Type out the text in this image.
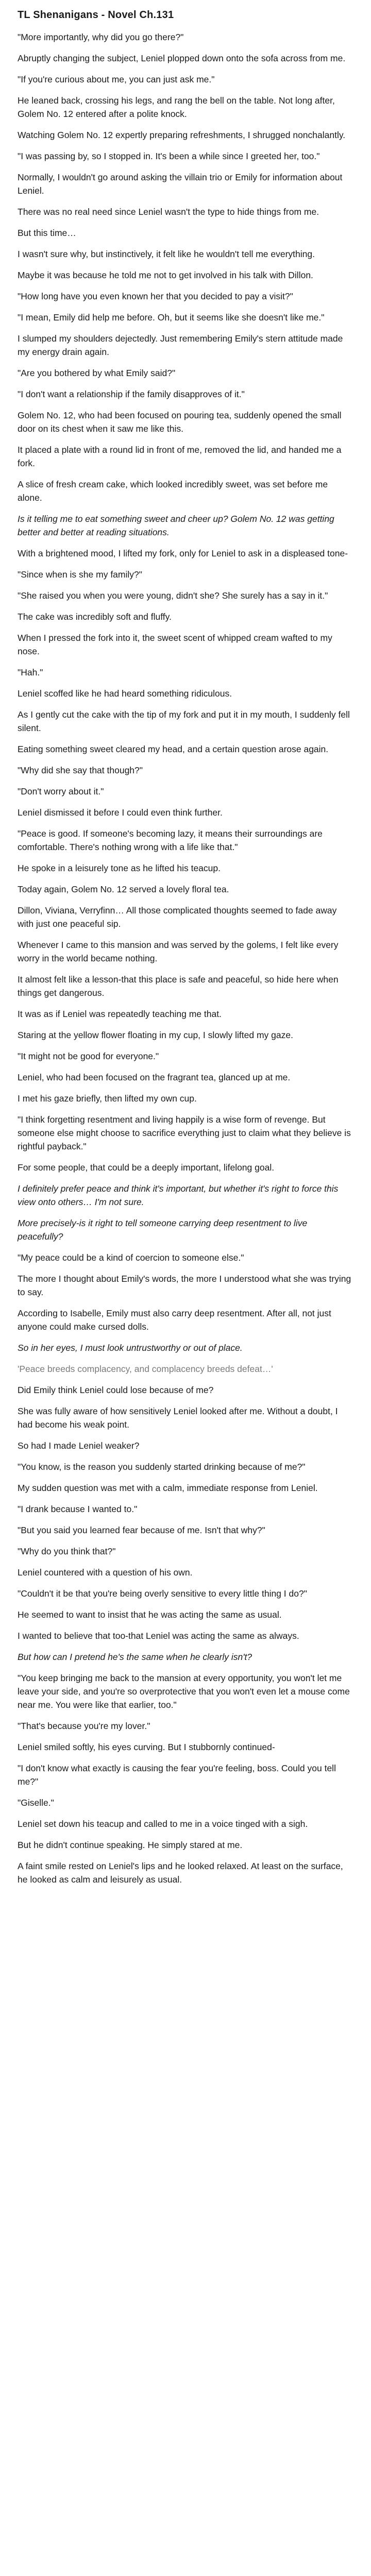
TL Shenanigans - Novel Ch.131

"More importantly, why did you go there?"

Abruptly changing the subject, Leniel plopped down onto the sofa across from me.

"If you're curious about me, you can just ask me."

He leaned back, crossing his legs, and rang the bell on the table. Not long after, Golem No. 12 entered after a polite knock.

Watching Golem No. 12 expertly preparing refreshments, I shrugged nonchalantly.

"I was passing by, so I stopped in. It's been a while since I greeted her, too."

Normally, I wouldn't go around asking the villain trio or Emily for information about Leniel.

There was no real need since Leniel wasn't the type to hide things from me.

But this time…

I wasn't sure why, but instinctively, it felt like he wouldn't tell me everything.

Maybe it was because he told me not to get involved in his talk with Dillon.

"How long have you even known her that you decided to pay a visit?"

"I mean, Emily did help me before. Oh, but it seems like she doesn't like me."

I slumped my shoulders dejectedly. Just remembering Emily's stern attitude made my energy drain again.

"Are you bothered by what Emily said?"

"I don't want a relationship if the family disapproves of it."

Golem No. 12, who had been focused on pouring tea, suddenly opened the small door on its chest when it saw me like this.

It placed a plate with a round lid in front of me, removed the lid, and handed me a fork.

A slice of fresh cream cake, which looked incredibly sweet, was set before me alone.

Is it telling me to eat something sweet and cheer up? Golem No. 12 was getting better and better at reading situations.

With a brightened mood, I lifted my fork, only for Leniel to ask in a displeased tone-

"Since when is she my family?"

"She raised you when you were young, didn't she? She surely has a say in it."

The cake was incredibly soft and fluffy.

When I pressed the fork into it, the sweet scent of whipped cream wafted to my nose.

"Hah."

Leniel scoffed like he had heard something ridiculous.

As I gently cut the cake with the tip of my fork and put it in my mouth, I suddenly fell silent.

Eating something sweet cleared my head, and a certain question arose again.

"Why did she say that though?"

"Don't worry about it."

Leniel dismissed it before I could even think further.

"Peace is good. If someone's becoming lazy, it means their surroundings are comfortable. There's nothing wrong with a life like that."

He spoke in a leisurely tone as he lifted his teacup.

Today again, Golem No. 12 served a lovely floral tea.

Dillon, Viviana, Verryfinn… All those complicated thoughts seemed to fade away with just one peaceful sip.

Whenever I came to this mansion and was served by the golems, I felt like every worry in the world became nothing.

It almost felt like a lesson-that this place is safe and peaceful, so hide here when things get dangerous.

It was as if Leniel was repeatedly teaching me that.

Staring at the yellow flower floating in my cup, I slowly lifted my gaze.

"It might not be good for everyone."

Leniel, who had been focused on the fragrant tea, glanced up at me.

I met his gaze briefly, then lifted my own cup.

"I think forgetting resentment and living happily is a wise form of revenge. But someone else might choose to sacrifice everything just to claim what they believe is rightful payback."

For some people, that could be a deeply important, lifelong goal.

I definitely prefer peace and think it's important, but whether it's right to force this view onto others… I'm not sure.

More precisely-is it right to tell someone carrying deep resentment to live peacefully?

"My peace could be a kind of coercion to someone else."

The more I thought about Emily's words, the more I understood what she was trying to say.

According to Isabelle, Emily must also carry deep resentment. After all, not just anyone could make cursed dolls.

So in her eyes, I must look untrustworthy or out of place.

'Peace breeds complacency, and complacency breeds defeat…'

Did Emily think Leniel could lose because of me?

She was fully aware of how sensitively Leniel looked after me. Without a doubt, I had become his weak point.

So had I made Leniel weaker?

"You know, is the reason you suddenly started drinking because of me?"

My sudden question was met with a calm, immediate response from Leniel.

"I drank because I wanted to."

"But you said you learned fear because of me. Isn't that why?"

"Why do you think that?"

Leniel countered with a question of his own.

"Couldn't it be that you're being overly sensitive to every little thing I do?"

He seemed to want to insist that he was acting the same as usual.

I wanted to believe that too-that Leniel was acting the same as always.

But how can I pretend he's the same when he clearly isn't?

"You keep bringing me back to the mansion at every opportunity, you won't let me leave your side, and you're so overprotective that you won't even let a mouse come near me. You were like that earlier, too."

"That's because you're my lover."

Leniel smiled softly, his eyes curving. But I stubbornly continued-

"I don't know what exactly is causing the fear you're feeling, boss. Could you tell me?"

"Giselle."

Leniel set down his teacup and called to me in a voice tinged with a sigh.

But he didn't continue speaking. He simply stared at me.

A faint smile rested on Leniel's lips and he looked relaxed. At least on the surface, he looked as calm and leisurely as usual.
